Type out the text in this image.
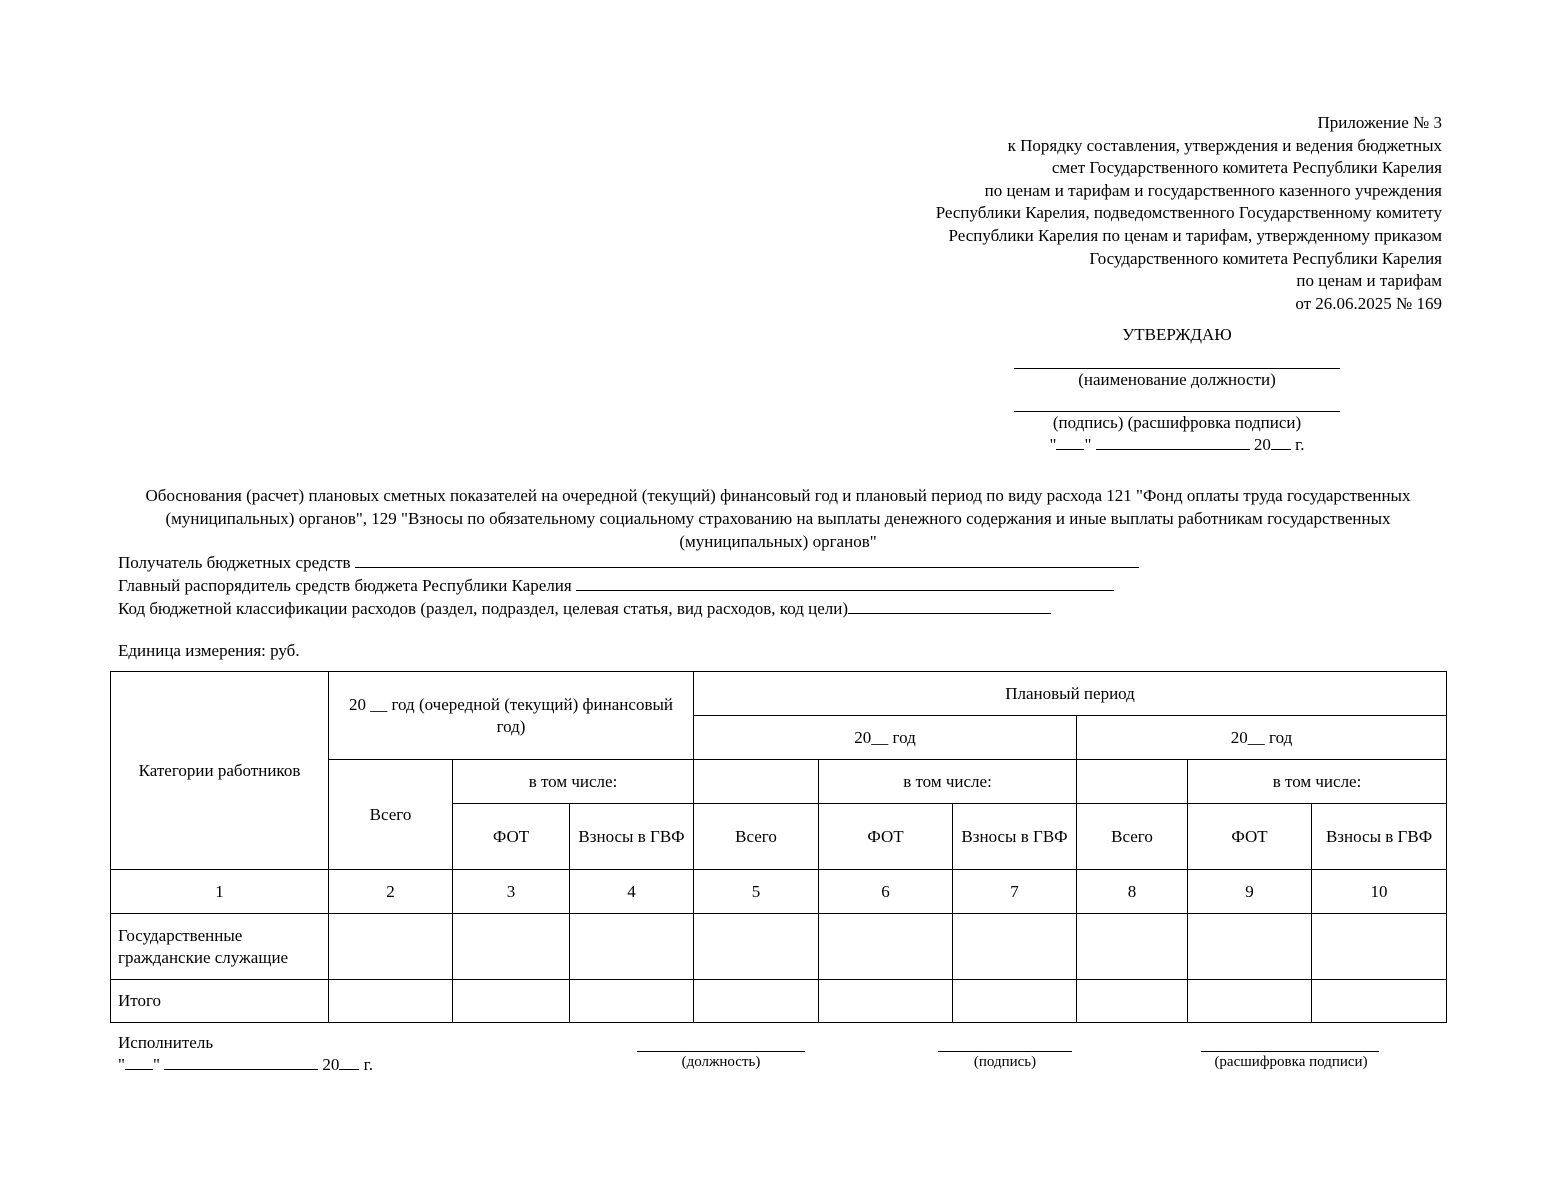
Приложение № 3
к Порядку составления, утверждения и ведения бюджетных
смет Государственного комитета Республики Карелия
по ценам и тарифам и государственного казенного учреждения
Республики Карелия, подведомственного Государственному комитету
Республики Карелия по ценам и тарифам, утвержденному приказом
Государственного комитета Республики Карелия
по ценам и тарифам
от 26.06.2025 № 169
УТВЕРЖДАЮ
(наименование должности)
(подпись) (расшифровка подписи)
" "	20 г.
Обоснования (расчет) плановых сметных показателей на очередной (текущий) финансовый год и плановый период по виду расхода 121 "Фонд оплаты труда государственных (муниципальных) органов", 129 "Взносы по обязательному социальному страхованию на выплаты денежного содержания и иные выплаты работникам государственных (муниципальных) органов"
Получатель бюджетных средств
Главный распорядитель средств бюджета Республики Карелия
Код бюджетной классификации расходов (раздел, подраздел, целевая статья, вид расходов, код цели)
Единица измерения: руб.
Категории работников	20 __ год (очередной (текущий) финансовый год)			Плановый период					
				20__ год			20__ год		
	Всего	в том числе:			в том числе:			в том числе:	
		ФОТ	Взносы в ГВФ	Всего	ФОТ	Взносы в ГВФ	Всего	ФОТ	Взносы в ГВФ
1	2	3	4	5	6	7	8	9	10
Государственные гражданские служащие									
Итого									
Исполнитель
" "	20 г.	(должность)	(подпись)	(расшифровка подписи)
